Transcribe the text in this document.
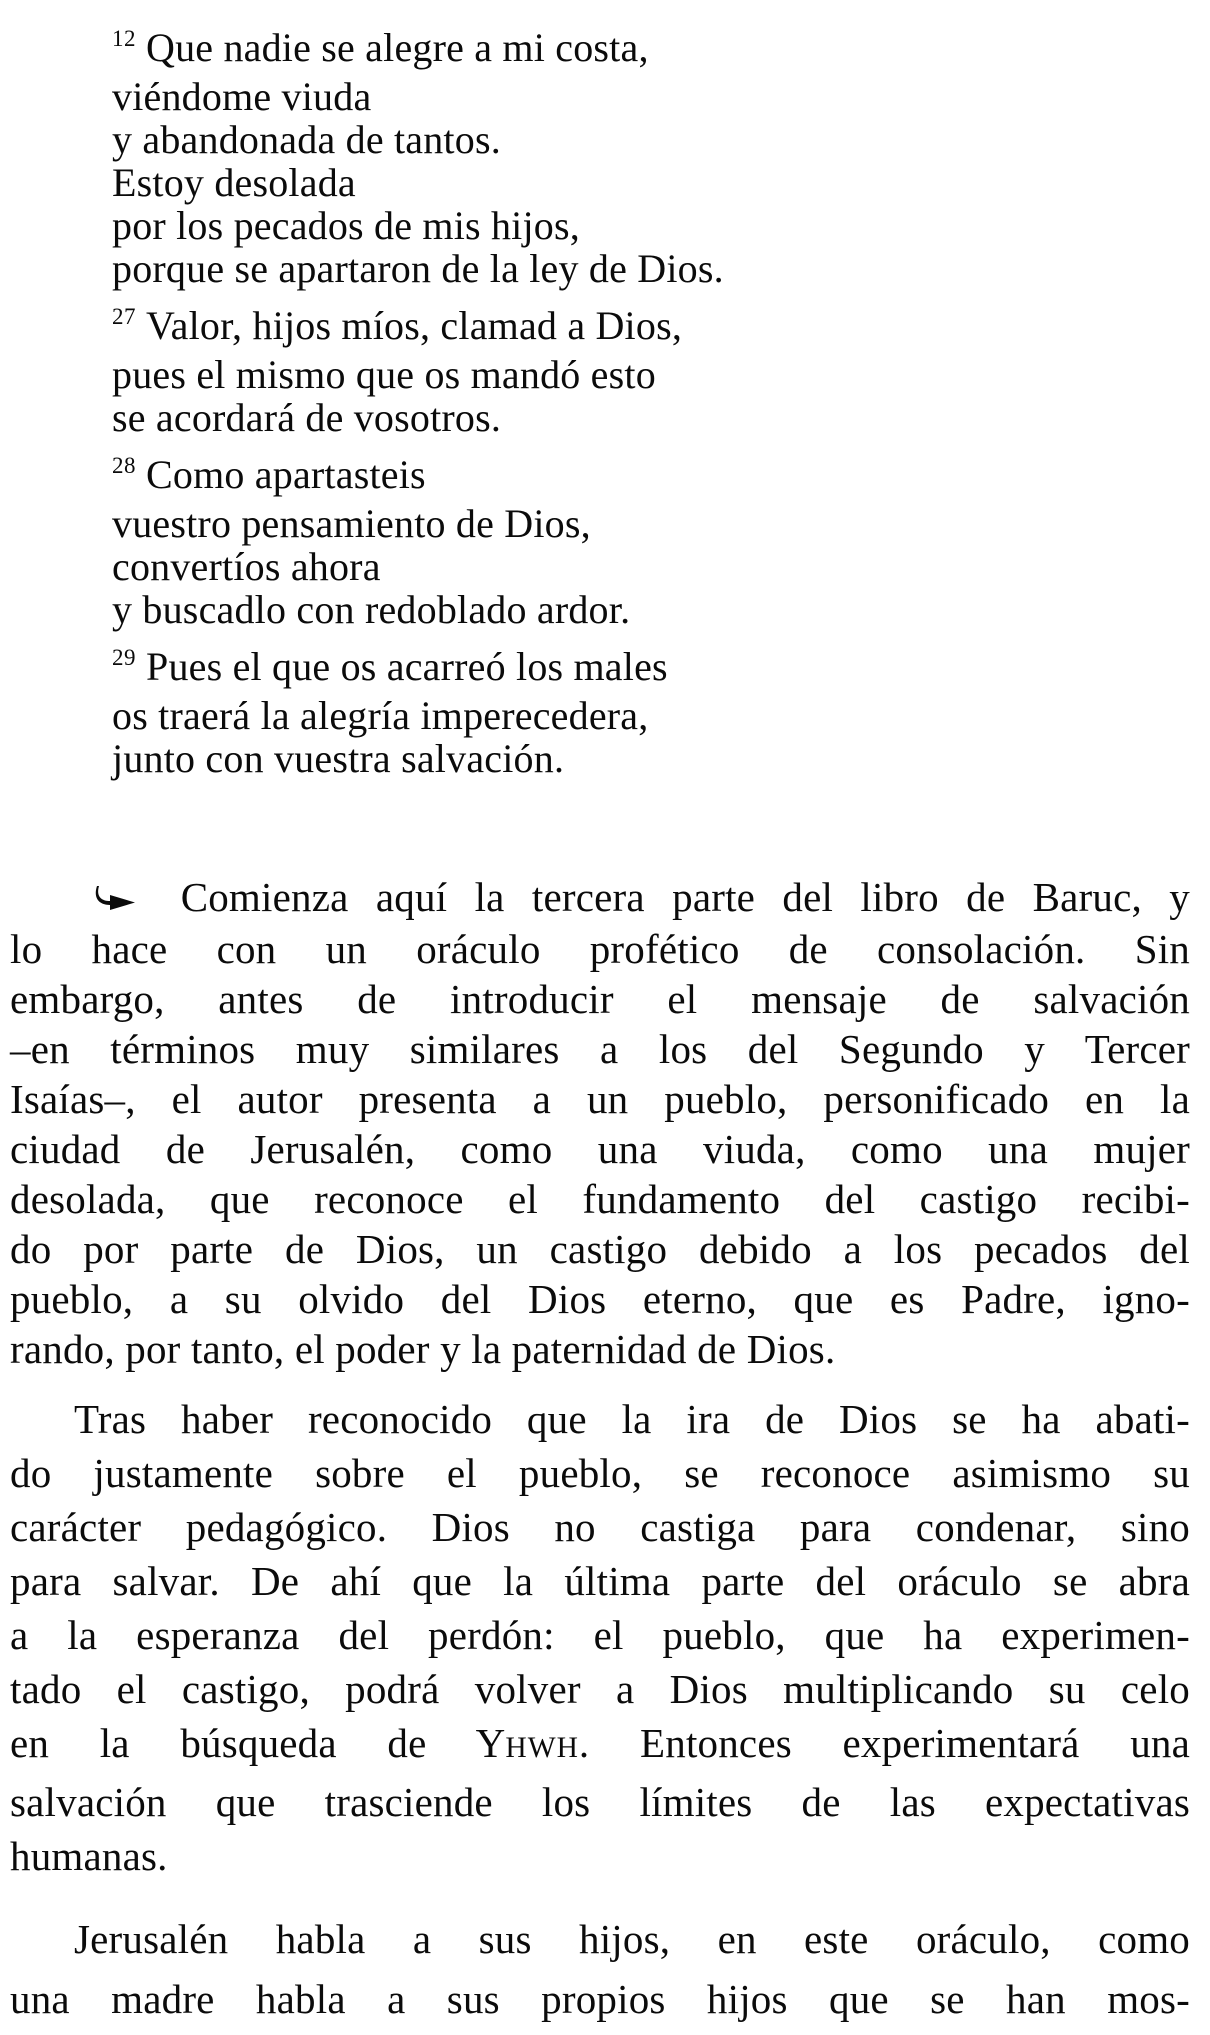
$^{12}$ Que nadie se alegre a mi costa,
viéndome viuda
y abandonada de tantos.
Estoy desolada
por los pecados de mis hijos,
porque se apartaron de la ley de Dios.
$^{27}$ Valor, hijos míos, clamad a Dios,
pues el mismo que os mandó esto
se acordará de vosotros.
$^{28}$ Como apartasteis
vuestro pensamiento de Dios,
convertíos ahora
y buscadlo con redoblado ardor.
$^{29}$ Pues el que os acarreó los males
os traerá la alegría imperecedera,
junto con vuestra salvación.
Comienza aquí la tercera parte del libro de Baruc, y
lo hace con un oráculo profético de consolación. Sin
embargo, antes de introducir el mensaje de salvación
–en términos muy similares a los del Segundo y Tercer
Isaías–, el autor presenta a un pueblo, personificado en la
ciudad de Jerusalén, como una viuda, como una mujer
desolada, que reconoce el fundamento del castigo recibi-
do por parte de Dios, un castigo debido a los pecados del
pueblo, a su olvido del Dios eterno, que es Padre, igno-
rando, por tanto, el poder y la paternidad de Dios.
Tras haber reconocido que la ira de Dios se ha abati-
do justamente sobre el pueblo, se reconoce asimismo su
carácter pedagógico. Dios no castiga para condenar, sino
para salvar. De ahí que la última parte del oráculo se abra
a la esperanza del perdón: el pueblo, que ha experimen-
tado el castigo, podrá volver a Dios multiplicando su celo
en la búsqueda de YHWH. Entonces experimentará una
salvación que trasciende los límites de las expectativas
humanas.
Jerusalén habla a sus hijos, en este oráculo, como
una madre habla a sus propios hijos que se han mos-
